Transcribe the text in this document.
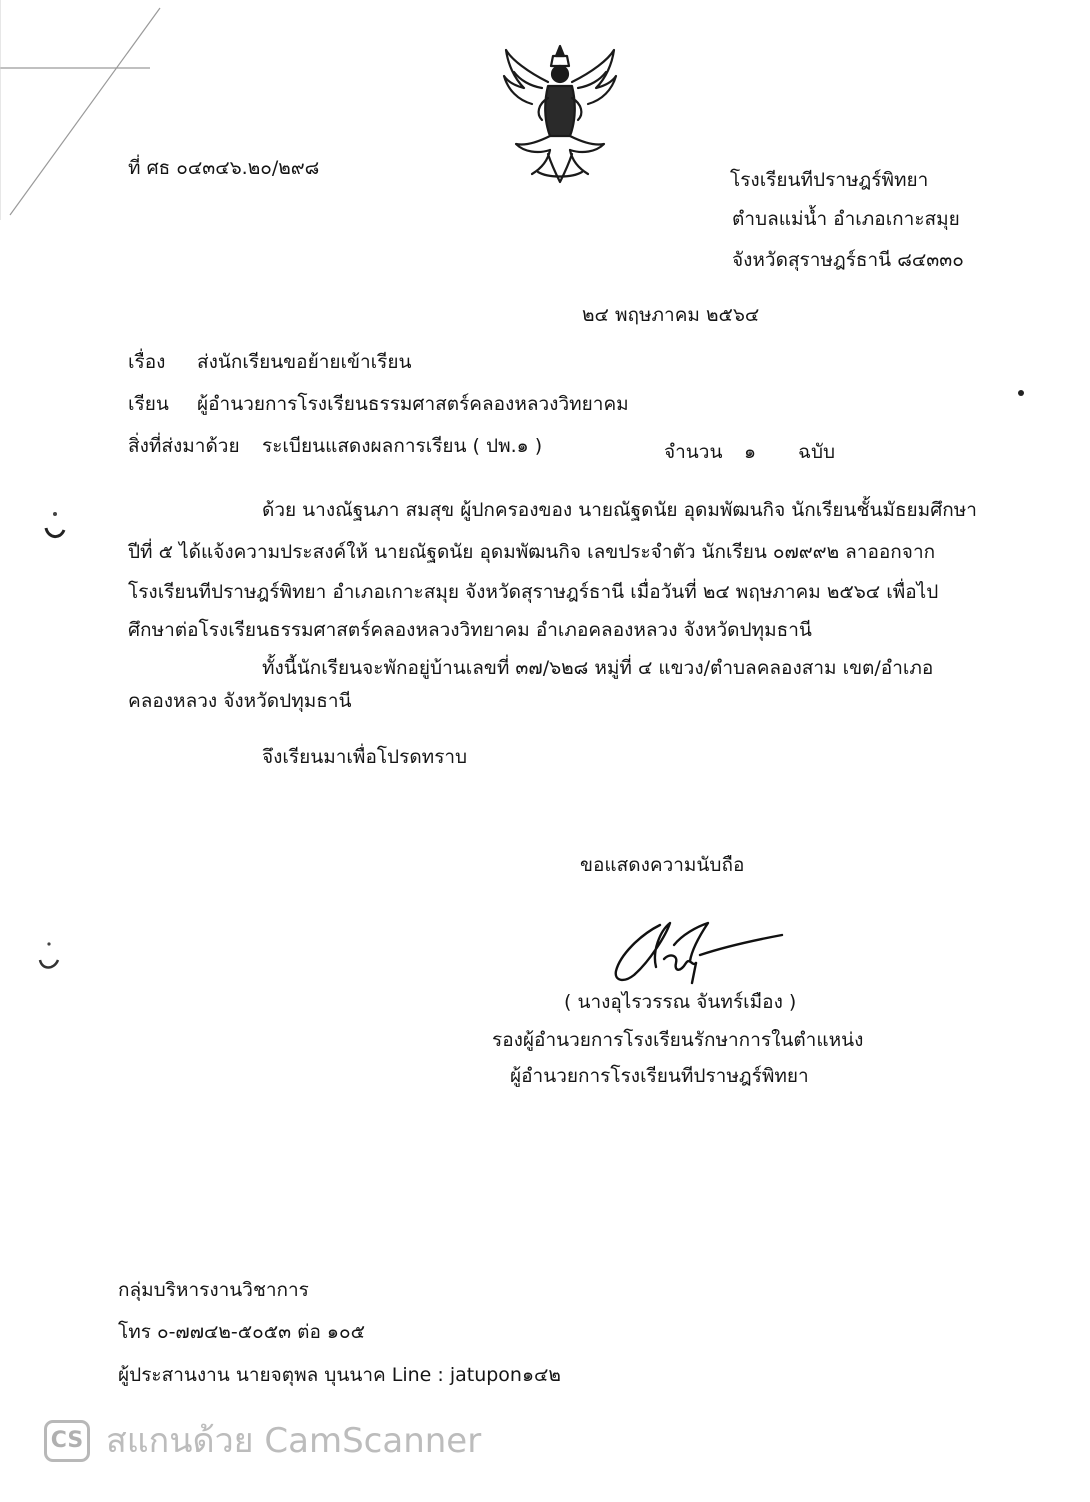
ที่ ศธ ๐๔๓๔๖.๒๐/๒๙๘
โรงเรียนทีปราษฎร์พิทยา
ตำบลแม่น้ำ อำเภอเกาะสมุย
จังหวัดสุราษฎร์ธานี ๘๔๓๓๐
๒๔ พฤษภาคม ๒๕๖๔
เรื่อง ส่งนักเรียนขอย้ายเข้าเรียน
เรียน ผู้อำนวยการโรงเรียนธรรมศาสตร์คลองหลวงวิทยาคม
สิ่งที่ส่งมาด้วย ระเบียนแสดงผลการเรียน ( ปพ.๑ )	จำนวน ๑ ฉบับ
ด้วย นางณัฐนภา สมสุข ผู้ปกครองของ นายณัฐดนัย อุดมพัฒนกิจ นักเรียนชั้นมัธยมศึกษา
ปีที่ ๕ ได้แจ้งความประสงค์ให้ นายณัฐดนัย อุดมพัฒนกิจ เลขประจำตัว นักเรียน ๐๗๙๙๒ ลาออกจาก
โรงเรียนทีปราษฎร์พิทยา อำเภอเกาะสมุย จังหวัดสุราษฎร์ธานี เมื่อวันที่ ๒๔ พฤษภาคม ๒๕๖๔ เพื่อไป
ศึกษาต่อโรงเรียนธรรมศาสตร์คลองหลวงวิทยาคม อำเภอคลองหลวง จังหวัดปทุมธานี
ทั้งนี้นักเรียนจะพักอยู่บ้านเลขที่ ๓๗/๖๒๘ หมู่ที่ ๔ แขวง/ตำบลคลองสาม เขต/อำเภอ
คลองหลวง จังหวัดปทุมธานี
จึงเรียนมาเพื่อโปรดทราบ
ขอแสดงความนับถือ
( นางอุไรวรรณ จันทร์เมือง )
รองผู้อำนวยการโรงเรียนรักษาการในตำแหน่ง
ผู้อำนวยการโรงเรียนทีปราษฎร์พิทยา
กลุ่มบริหารงานวิชาการ
โทร ๐-๗๗๔๒-๕๐๕๓ ต่อ ๑๐๕
ผู้ประสานงาน นายจตุพล บุนนาค Line : jatupon๑๔๒
CS สแกนด้วย CamScanner
